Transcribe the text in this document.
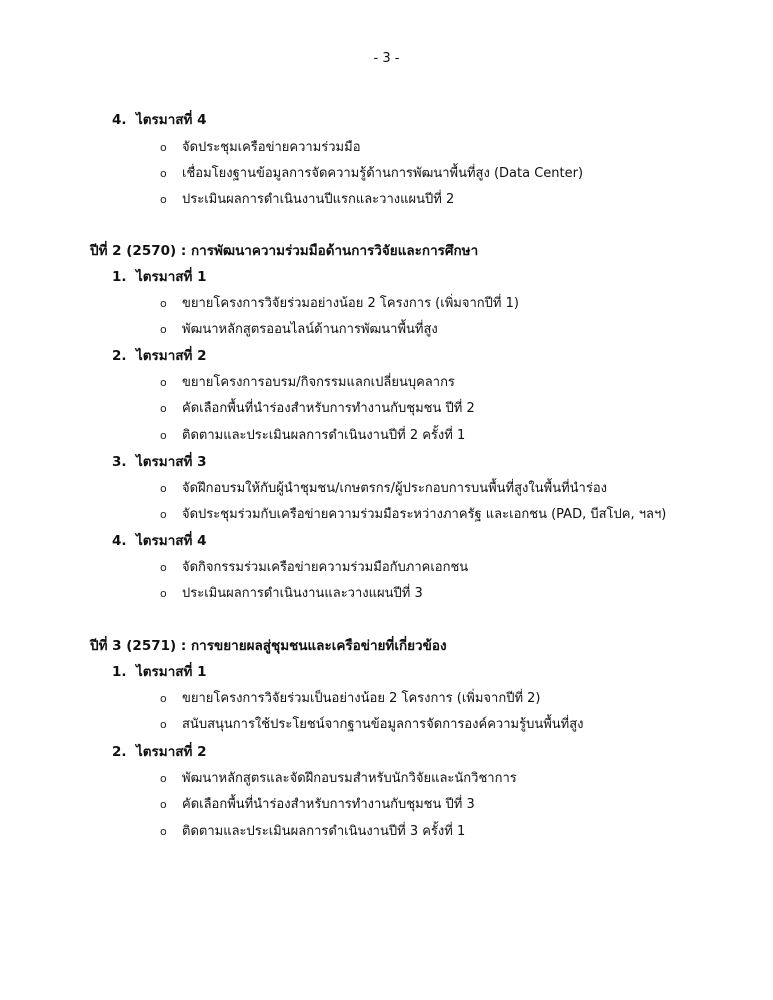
- 3 -
4. ไตรมาสที่ 4
o จัดประชุมเครือข่ายความร่วมมือ
o เชื่อมโยงฐานข้อมูลการจัดความรู้ด้านการพัฒนาพื้นที่สูง (Data Center)
o ประเมินผลการดำเนินงานปีแรกและวางแผนปีที่ 2
ปีที่ 2 (2570) : การพัฒนาความร่วมมือด้านการวิจัยและการศึกษา
1. ไตรมาสที่ 1
o ขยายโครงการวิจัยร่วมอย่างน้อย 2 โครงการ (เพิ่มจากปีที่ 1)
o พัฒนาหลักสูตรออนไลน์ด้านการพัฒนาพื้นที่สูง
2. ไตรมาสที่ 2
o ขยายโครงการอบรม/กิจกรรมแลกเปลี่ยนบุคลากร
o คัดเลือกพื้นที่นำร่องสำหรับการทำงานกับชุมชน ปีที่ 2
o ติดตามและประเมินผลการดำเนินงานปีที่ 2 ครั้งที่ 1
3. ไตรมาสที่ 3
o จัดฝึกอบรมให้กับผู้นำชุมชน/เกษตรกร/ผู้ประกอบการบนพื้นที่สูงในพื้นที่นำร่อง
o จัดประชุมร่วมกับเครือข่ายความร่วมมือระหว่างภาครัฐ และเอกชน (PAD, บีสโปค, ฯลฯ)
4. ไตรมาสที่ 4
o จัดกิจกรรมร่วมเครือข่ายความร่วมมือกับภาคเอกชน
o ประเมินผลการดำเนินงานและวางแผนปีที่ 3
ปีที่ 3 (2571) : การขยายผลสู่ชุมชนและเครือข่ายที่เกี่ยวข้อง
1. ไตรมาสที่ 1
o ขยายโครงการวิจัยร่วมเป็นอย่างน้อย 2 โครงการ (เพิ่มจากปีที่ 2)
o สนับสนุนการใช้ประโยชน์จากฐานข้อมูลการจัดการองค์ความรู้บนพื้นที่สูง
2. ไตรมาสที่ 2
o พัฒนาหลักสูตรและจัดฝึกอบรมสำหรับนักวิจัยและนักวิชาการ
o คัดเลือกพื้นที่นำร่องสำหรับการทำงานกับชุมชน ปีที่ 3
o ติดตามและประเมินผลการดำเนินงานปีที่ 3 ครั้งที่ 1
